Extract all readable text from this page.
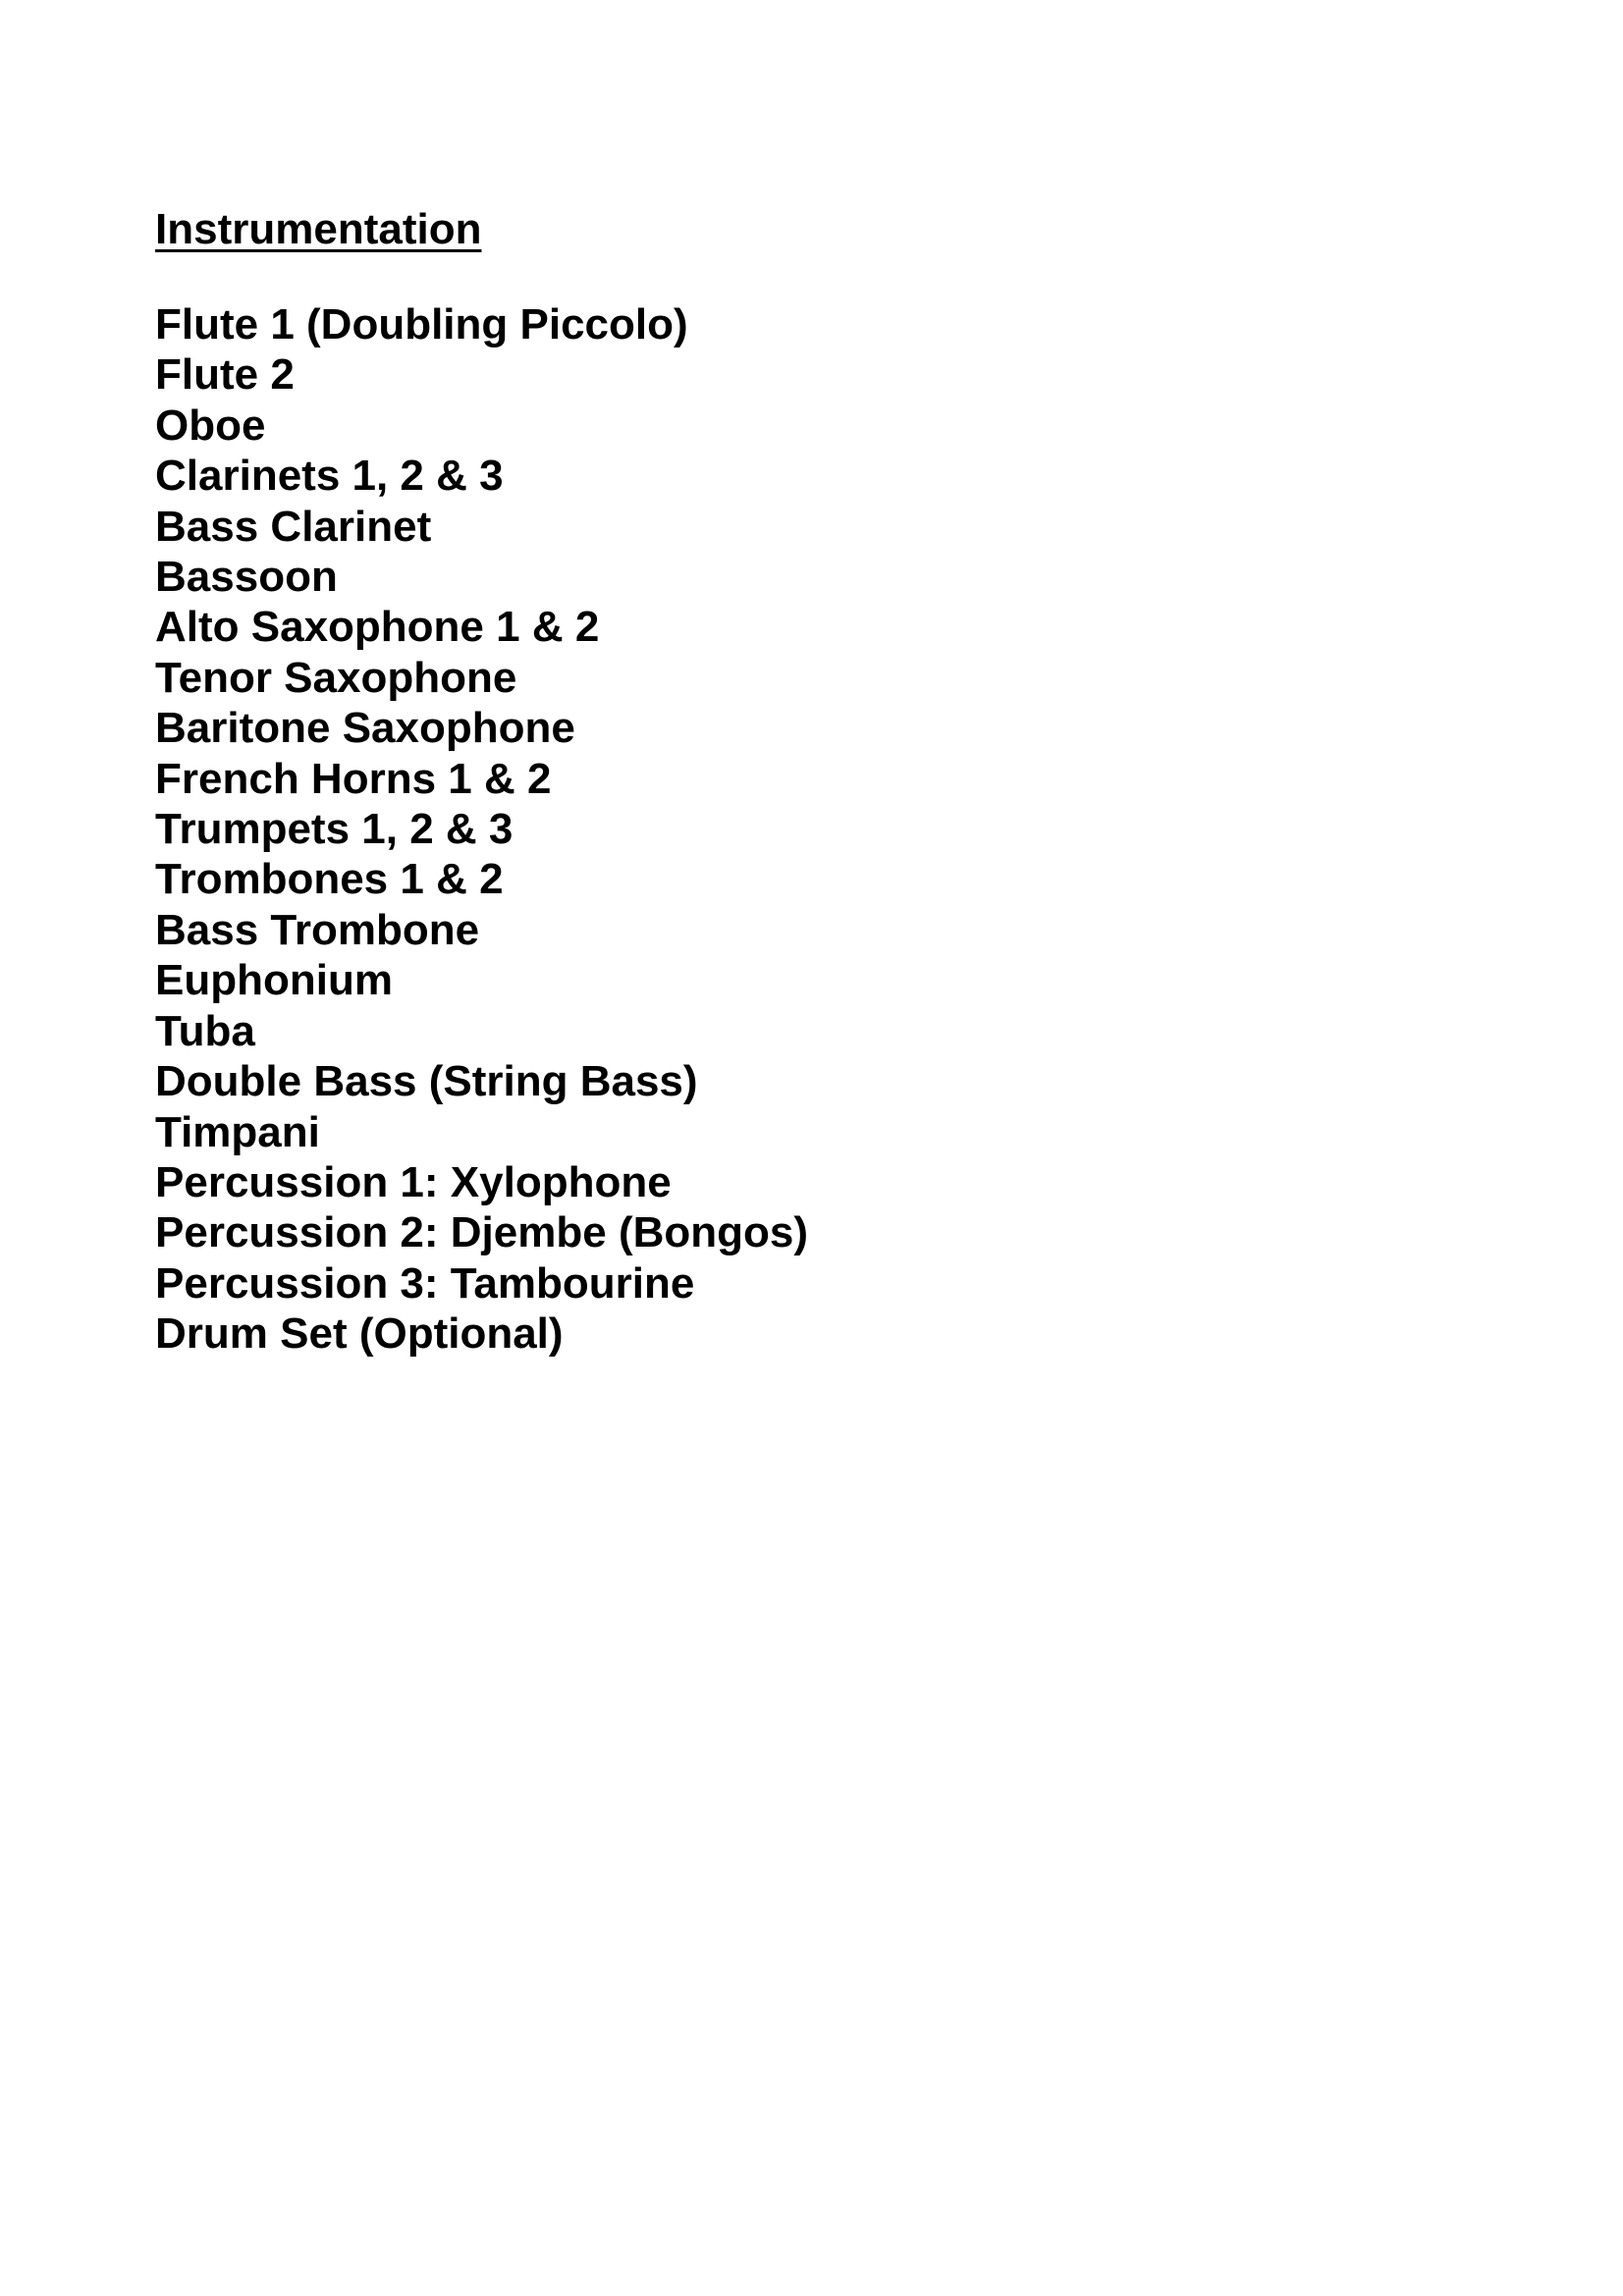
Instrumentation
Flute 1 (Doubling Piccolo)
Flute 2
Oboe
Clarinets 1, 2 & 3
Bass Clarinet
Bassoon
Alto Saxophone 1 & 2
Tenor Saxophone
Baritone Saxophone
French Horns 1 & 2
Trumpets 1, 2 & 3
Trombones 1 & 2
Bass Trombone
Euphonium
Tuba
Double Bass (String Bass)
Timpani
Percussion 1: Xylophone
Percussion 2: Djembe (Bongos)
Percussion 3: Tambourine
Drum Set (Optional)
